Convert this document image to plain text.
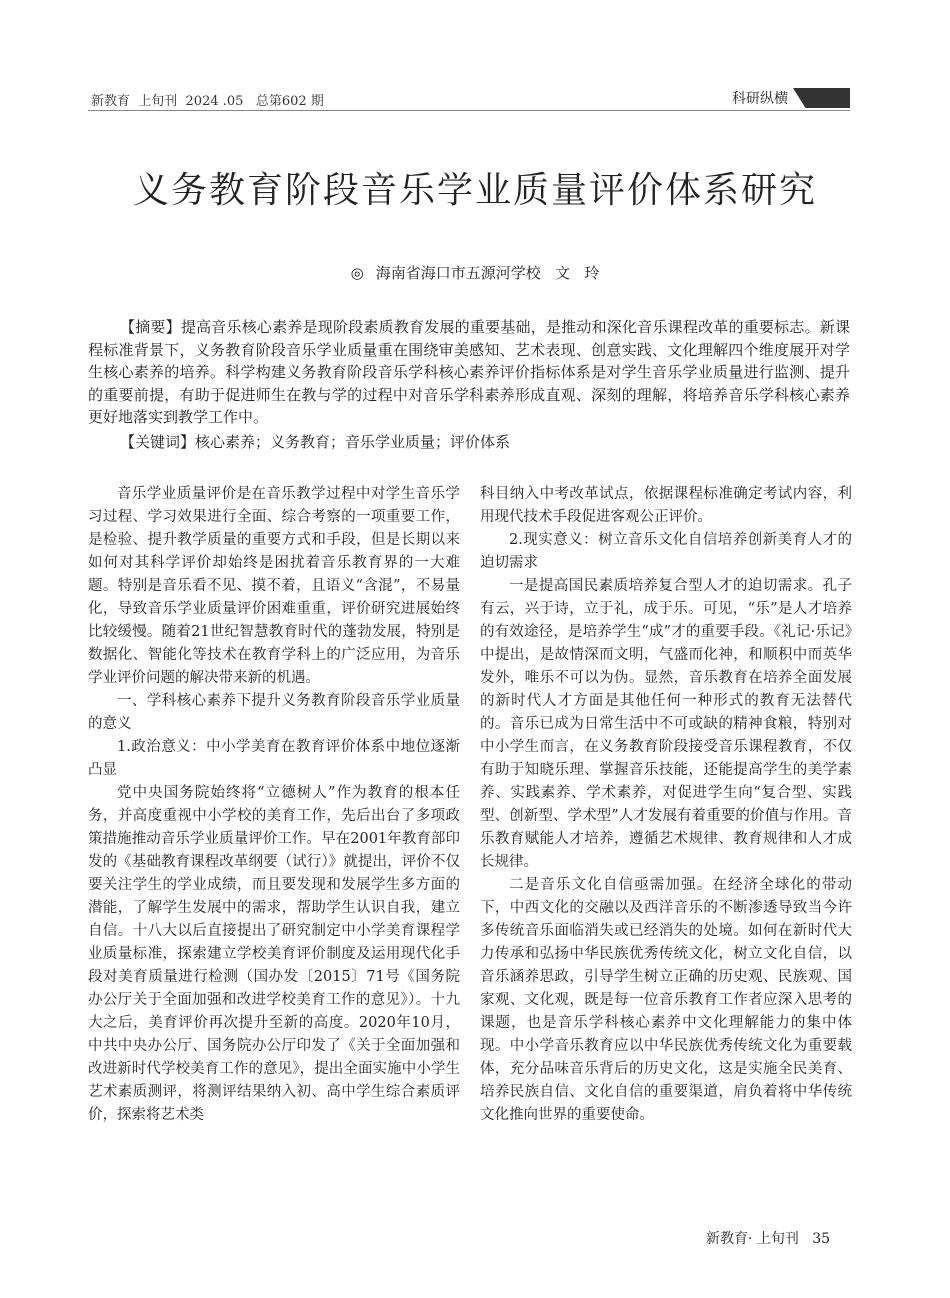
新教育  上旬刊  2024 .05   总第602 期	科研纵横
义务教育阶段音乐学业质量评价体系研究
◎ 海南省海口市五源河学校   文   玲
【摘要】提高音乐核心素养是现阶段素质教育发展的重要基础，是推动和深化音乐课程改革的重要标志。新课程标准背景下，义务教育阶段音乐学业质量重在围绕审美感知、艺术表现、创意实践、文化理解四个维度展开对学生核心素养的培养。科学构建义务教育阶段音乐学科核心素养评价指标体系是对学生音乐学业质量进行监测、提升的重要前提，有助于促进师生在教与学的过程中对音乐学科素养形成直观、深刻的理解，将培养音乐学科核心素养更好地落实到教学工作中。
【关键词】核心素养；义务教育；音乐学业质量；评价体系

音乐学业质量评价是在音乐教学过程中对学生音乐学习过程、学习效果进行全面、综合考察的一项重要工作，是检验、提升教学质量的重要方式和手段，但是长期以来如何对其科学评价却始终是困扰着音乐教育界的一大难题。特别是音乐看不见、摸不着，且语义“含混”，不易量化，导致音乐学业质量评价困难重重，评价研究进展始终比较缓慢。随着21世纪智慧教育时代的蓬勃发展，特别是数据化、智能化等技术在教育学科上的广泛应用，为音乐学业评价问题的解决带来新的机遇。

一、学科核心素养下提升义务教育阶段音乐学业质量的意义

1.政治意义：中小学美育在教育评价体系中地位逐渐凸显

党中央国务院始终将“立德树人”作为教育的根本任务，并高度重视中小学校的美育工作，先后出台了多项政策措施推动音乐学业质量评价工作。早在2001年教育部印发的《基础教育课程改革纲要（试行）》就提出，评价不仅要关注学生的学业成绩，而且要发现和发展学生多方面的潜能，了解学生发展中的需求，帮助学生认识自我，建立自信。十八大以后直接提出了研究制定中小学美育课程学业质量标准，探索建立学校美育评价制度及运用现代化手段对美育质量进行检测（国办发〔2015〕71号《国务院办公厅关于全面加强和改进学校美育工作的意见》）。十九大之后，美育评价再次提升至新的高度。2020年10月，中共中央办公厅、国务院办公厅印发了《关于全面加强和改进新时代学校美育工作的意见》，提出全面实施中小学生艺术素质测评，将测评结果纳入初、高中学生综合素质评价，探索将艺术类

科目纳入中考改革试点，依据课程标准确定考试内容，利用现代技术手段促进客观公正评价。

2.现实意义：树立音乐文化自信培养创新美育人才的迫切需求

一是提高国民素质培养复合型人才的迫切需求。孔子有云，兴于诗，立于礼，成于乐。可见，“乐”是人才培养的有效途径，是培养学生“成”才的重要手段。《礼记·乐记》中提出，是故情深而文明，气盛而化神，和顺积中而英华发外，唯乐不可以为伪。显然，音乐教育在培养全面发展的新时代人才方面是其他任何一种形式的教育无法替代的。音乐已成为日常生活中不可或缺的精神食粮，特别对中小学生而言，在义务教育阶段接受音乐课程教育，不仅有助于知晓乐理、掌握音乐技能，还能提高学生的美学素养、实践素养、学术素养，对促进学生向“复合型、实践型、创新型、学术型”人才发展有着重要的价值与作用。音乐教育赋能人才培养，遵循艺术规律、教育规律和人才成长规律。

二是音乐文化自信亟需加强。在经济全球化的带动下，中西文化的交融以及西洋音乐的不断渗透导致当今许多传统音乐面临消失或已经消失的处境。如何在新时代大力传承和弘扬中华民族优秀传统文化，树立文化自信，以音乐涵养思政，引导学生树立正确的历史观、民族观、国家观、文化观，既是每一位音乐教育工作者应深入思考的课题，也是音乐学科核心素养中文化理解能力的集中体现。中小学音乐教育应以中华民族优秀传统文化为重要载体，充分品味音乐背后的历史文化，这是实施全民美育、培养民族自信、文化自信的重要渠道，肩负着将中华传统文化推向世界的重要使命。

新教育· 上旬刊   35
